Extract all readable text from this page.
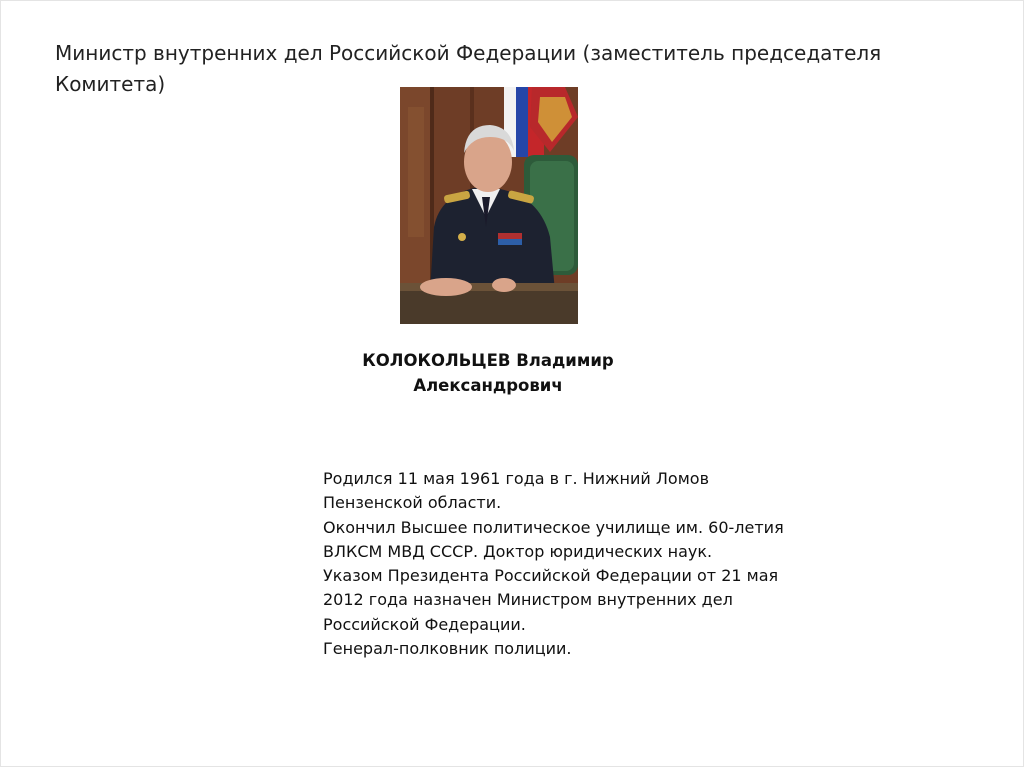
Министр внутренних дел Российской Федерации (заместитель председателя
Комитета)
КОЛОКОЛЬЦЕВ Владимир
Александрович
Родился 11 мая 1961 года в г. Нижний Ломов
Пензенской области.
Окончил Высшее политическое училище им. 60-летия
ВЛКСМ МВД СССР. Доктор юридических наук.
Указом Президента Российской Федерации от 21 мая
2012 года назначен Министром внутренних дел
Российской Федерации.
Генерал-полковник полиции.
